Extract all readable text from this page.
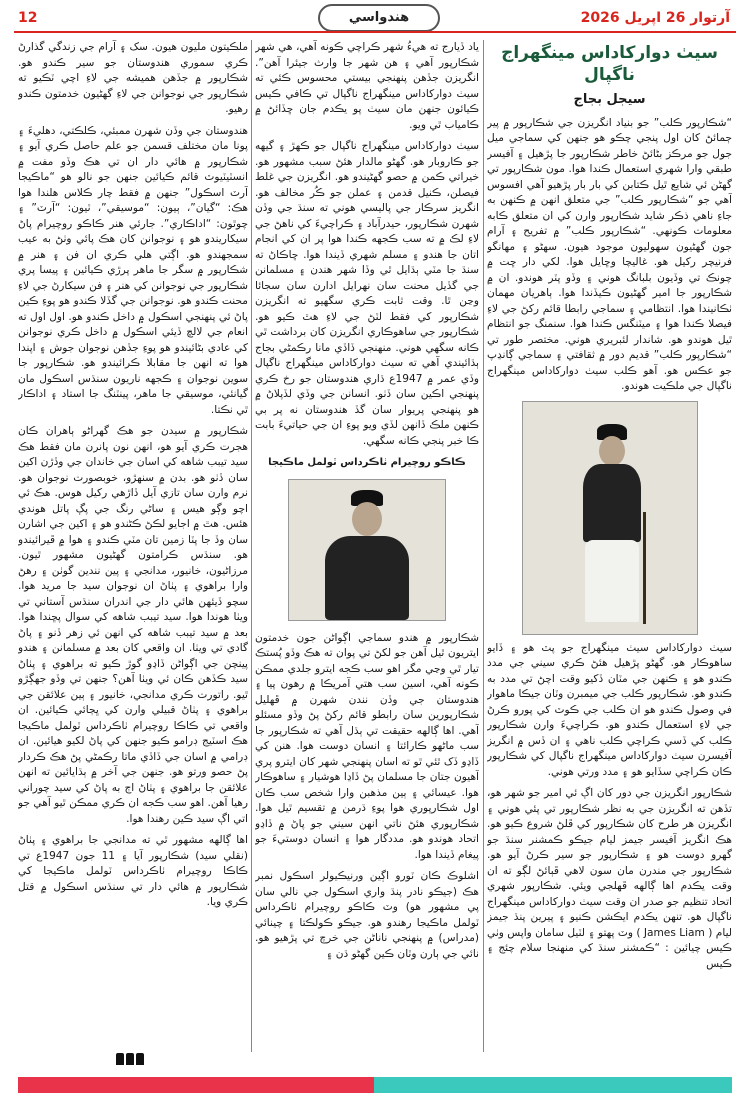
12	هندواسي	آرتوار 26 اپريل 2026
سيٺ دواركاداس مينگهراج ناگپال
سيجل بجاج

“شڪارپور ڪلب” جو بنياد انگريزن جي شڪارپور ۾ پير ڄمائڻ کان اول پنجي چڪو هو جنهن کي سماجي ميل جول جو مرڪز بڻائڻ خاطر شڪارپور جا پڙهيل ۽ آفيسر طبقي وارا شهري استعمال ڪندا هوا. مون شڪارپور تي گهڻن ئي شايع ٿيل ڪتابن کي بار بار پڙهيو آهي افسوس آهي جو “شڪارپور ڪلب” جي متعلق انهن ۾ ڪنهن به جاءِ ناهي ذڪر شايد شڪارپور وارن کي ان متعلق ڪابه معلومات ڪونهي. “شڪارپور ڪلب” ۾ تفريح ۽ آرام جون گهڻيون سهوليون موجود هيون. سهڻو ۽ مهانگو فرنيچر رکيل هو. غاليچا وڇايل هوا. لکي دار ڇت ۾ چونڪ تي وڏيون بلبانگ هوني ۽ وڏو پٽر هوندو. ان ۾ شڪارپور جا امير گهڻيون ڪيڏندا هوا. ٻاهريان مهمان ٺڪانيندا هوا. انتظامي ۽ سماجي رابطا قائم رکڻ جي لاءِ فيصلا ڪندا هوا ۽ ميٽنگس ڪندا هوا. سنمنگ جو انتظام ٿيل هوندو هو. شاندار لئبريري هوني. مختصر طور تي “شڪارپور ڪلب” قديم دور ۾ ثقافتي ۽ سماجي ڳانڍپ جو عڪس هو. آهو ڪلب سيٺ دواركاداس مينگهراج ناگپال جي ملڪيت هوندو.

سيٺ دواركاداس سيٺ مينگهراج جو پٽ هو ۽ ڏايو ساهوڪار هو. گهڻو پڙهيل هئڻ ڪري سيني جي مدد ڪندو هو ۽ ڪنهن جي مٽان ڏکيو وقت اچڻ تي مدد به ڪندو هو. شڪارپور ڪلب جي ميمبرن وٽان جيڪا ماهوار في وصول ڪندو هو ان ڪلب جي ڪوٽ کي پورو ڪرڻ جي لاءِ استعمال ڪندو هو. ڪراچيءَ وارن شڪارپور ڪلب کي ڏسي ڪراچي ڪلب ناهي ۽ ان ڏس ۾ انگريز آفيسرن سيٺ دواركاداس مينگهراج ناگپال کي شڪارپور ڪان ڪراچي سڏايو هو ۽ مدد ورتي هوني.

شڪارپور انگريزن جي دور کان اڳ ئي امير جو شهر هو، تڏهن ته انگريزن جي به نظر شڪارپور تي پئي هوني ۽ انگريزن هر طرح کان شڪارپور کي ڦلڻ شروع ڪيو هو. هڪ انگريز آفيسر جيمز ليام جيڪو ڪمشنر سنڌ جو گهرو دوست هو ۽ شڪارپور جو سير ڪرڻ آيو هو. شڪارپور جي مندرن مان سون لاهي ڦٻائڻ لڳو ته ان وقت يڪدم اها ڳالهه ڦهلجي ويئي. شڪارپور شهري اتحاد تنظيم جو صدر ان وقت سيٺ دواركاداس مينگهراج ناگپال هو. تنهن يڪدم ايڪشن ڪنيو ۽ پيرين پنڌ جيمز ليام ( James Liam ) وٽ پهتو ۽ لٽيل سامان واپس وٺي ڪيس چيائين : “ڪمشنر سنڌ کي منهنجا سلام چئج ۽ ڪيس

ياد ڏيارج ته هيءُ شهر ڪراچي ڪونه آهي، هي شهر شڪارپور آهي ۽ هن شهر جا وارث جيئرا آهن”. انگريزن جڏهن پنهنجي بيستي محسوس ڪئي ته سيٺ دواركاداس مينگهراج ناگپال تي ڪافي ڪيس ڪيائون جنهن مان سيٺ پو يڪدم جان ڇڏائڻ ۾ ڪامياب ٿي ويو.

سيٺ دواركاداس مينگهراج ناگپال جو ڪهڙ ۽ گيهه جو ڪاروبار هو. گهڻو مالدار هئڻ سبب مشهور هو. خيراتي ڪمن ۾ حصو گهڻيندو هو. انگريزن جي غلط فيصلن، ڪنيل قدمن ۽ عملن جو ڪُر مخالف هو. انگريز سرڪار جي پاليسي هوني ته سنڌ جي وڏن شهرن شڪارپور، حيدرآباد ۽ ڪراچيءَ کي ناهڻ جي لاءِ لڪ ۾ ته سب ڪجهه ڪندا هوا پر ان کي انجام اتان جا هندو ۽ مسلم شهري ڏيندا هوا. ڇاڪاڻ ته سنڌ جا مٽي ٻڌايل ٿي وڏا شهر هندن ۽ مسلمانن جي گڏيل محنت سان نهرايل ادارن سان سجائا وڃن ٿا. وقت ثابت ڪري سگهيو ته انگريزن شڪارپور کي فقط لٽڻ جي لاءِ هٿ ڪيو هو. شڪارپور جي ساهوڪاري انگريزن کان برداشت ٿي ڪانه سگهي هوني. منهنجي ڏاڏي مانا رڪمڻي بجاج ٻڌائيندي آهي ته سيٺ دواركاداس مينگهراج ناگپال وڏي عمر ۾ 1947ع ڌاري هندوستان جو رخ ڪري پنهنجي اڪين سان ڏٺو. انسانن جي وڏي لڏپلاڻ ۾ هو پنهنجي پريوار سان گڏ هندوستان نه پر بي ڪنهن ملڪ ڏانهن لڏي ويو پوءِ ان جي حياتيءَ بابت ڪا خبر پنجي ڪانه سگهي.

ڪاڪو روچيرام ٺاڪرداس ٽولمل ماڪيجا

شڪارپور ۾ هندو سماجي اڳواڻن جون خدمتون ايتريون ٿيل آهن جو لکڻ تي پوان ته هڪ وڏو پُستڪ تيار ٿي وڃي مگر اهو سب ڪجه ايترو جلدي ممڪن ڪونه آهي، اسين سب هتي آمريڪا ۾ رهون پيا ۽ هندوستان جي وڏن نندن شهرن ۾ ڦهليل شڪارپورين سان رابطو قائم رکڻ پڻ وڏو مسئلو آهي. اها ڳالهه حقيقت تي ٻڌل آهي ته شڪارپور جا سب ماڻهو ڪارائتا ۽ انسان دوست هوا. هنن کي ڏاڍو ڏک ٿئي ٿو ته اسان پنهنجي شهر کان ايترو پري آهيون جتان جا مسلمان پڻ ڏاڍا هوشيار ۽ ساهوڪار هوا. عيسائي ۽ ٻين مذهبن وارا شخص سب ڪان اول شڪارپوري هوا پوءِ ڌرمن ۾ تقسيم ٿيل هوا. شڪارپوري هئڻ ناتي انهن سيني جو پاڻ ۾ ڏاڍو اتحاد هوندو هو. مددگار هوا ۽ انسان دوستيءَ جو پيغام ڏيندا هوا.

اشلوڪ ڪان ٽورو اڳين ورنيڪيولر اسڪول نمبر هڪ (جيڪو نادر پنڌ واري اسڪول جي نالي سان پي مشهور هو) وٽ ڪاڪو روچيرام ٺاڪرداس ٽولمل ماڪيجا رهندو هو. جيڪو ڪولڪتا ۽ چينائي (مدراس) ۾ پنهنجي ناناڻن جي خرچ تي پڙهيو هو. نائي جي ٻارن وٽان ڪين گهڻو ڌن ۽

ملڪيتون مليون هيون. سک ۽ آرام جي زندگي گذارڻ ڪري سموري هندوستان جو سير ڪندو هو. شڪارپور ۾ جڏهن هميشه جي لاءِ اچي ٽڪيو ته شڪارپور جي نوجوانن جي لاءِ گهڻيون خدمتون ڪندو رهيو.

هندوستان جي وڏن شهرن ممبئي، ڪلڪتي، دهليءَ ۽ پونا مان مختلف قسمن جو علم حاصل ڪري آيو ۽ شڪارپور ۾ هائي دار ان تي هڪ وڏو مفت ۾ انسٽيٽيوٽ قائم ڪيائين جنهن جو نالو هو “ماڪيجا آرٽ اسڪول” جنهن ۾ فقط چار ڪلاس هلندا هوا هڪ: “گيان”، ٻيون: “موسيقي”، ٽيون: “آرٽ” ۽ چوٿون: “اداڪاري”. جارئي هنر ڪاڪو روچيرام پاڻ سيکاريندو هو ۽ نوجوانن کان هڪ پائي وٺڻ به عيب سمجهندو هو. اڳتي هلي ڪري ان فن ۽ هنر ۾ شڪارپور ۾ سگر جا ماهر پرڙي ڪيائين ۽ پيسا پري شڪارپور جي نوجوانن کي هنر ۽ فن سيکارڻ جي لاءِ محنت ڪندو هو. نوجوانن جي گڏلا ڪندو هو پوءِ ڪين پاڻ ئي پنهنجي اسڪول ۾ داخل ڪندو هو. اول اول ته انعام جي لالچ ڏيئي اسڪول ۾ داخل ڪري نوجوانن کي عادي بڻائيندو هو پوءِ جڏهن نوجوان جوش ۽ اپندا هوا ته انهن جا مقابلا ڪرائيندو هو. شڪارپور جا سوين نوجوان ۽ ڪجهه ناريون سنڌس اسڪول مان گيانئي، موسيقي جا ماهر، پينٽنگ جا استاد ۽ اداڪار ٿي نڪتا.

شڪارپور ۾ سيدن جو هڪ گهراڻو ٻاهران ڪان هجرت ڪري آيو هو، انهن نون پانرن مان فقط هڪ سيد تيبب شاهه کي اسان جي خاندان جي وڏڙن اکين سان ڏٺو هو. بدن ۾ سنهڙو، خوبصورت نوجوان هو. نرم وارن سان تازي آيل ڏاڙهي رکيل هوس. هڪ ئي اچو وڳو هيس ۽ ساڻي رنگ جي پڳ پاتل هوندي هئس. هٿ ۾ اجايو لڪڻ ڪڻندو هو ۽ اکين جي اشارن سان وڏ جا پٽا زمين تان مٽي ڪندو ۽ هوا ۾ ڦيرائيندو هو. سنڌس ڪرامتون گهڻيون مشهور ٿيون. مرزاڻيون، خانيور، مدانجي ۽ پين نندين گوٺن ۽ رهڻ وارا براهوي ۽ پٺاڻ ان نوجوان سيد جا مريد هوا. سچو ڏيئهن هائي دار جي اندران سنڌس آستاني تي ويٺا هوندا هوا. سيد تيبب شاهه کي سوال پڇندا هوا. بعد ۾ سيد تيبب شاهه کي انهن ئي زهر ڏنو ۽ پاڻ گادي تي ويٺا. ان واقعي کان بعد ۾ مسلمانن ۽ هندو پينچن جي اڳواڻن ڏاڍو گوڙ ڪيو ته براهوي ۽ پٺاڻ سيد ڪڏهن ڪان ئي ويٺا آهن؟ جنهن تي وڏو جهڳڙو ٿيو. راتورت ڪري مدانجي، خانيور ۽ ٻين علائقن جي براهوي ۽ پٺاڻ قبيلي وارن کي ڀڄائي ڪيائين. ان واقعي تي ڪاڪا روچيرام ٺاڪرداس ٽولمل ماڪيجا هڪ اسٽيج ڊرامو ڪيو جنهن کي پاڻ لکيو هيائين. ان ڊرامي ۾ اسان جي ڏاڏي ماتا رڪمڻي پڻ هڪ ڪردار پڻ حصو ورتو هو. جنهن جي آخر ۾ ٻڌايائين ته انهن علائقن جا براهوي ۽ پٺاڻ اڄ به پاڻ کي سيد چوراني رهيا آهن. اهو سب ڪجه ان ڪري ممڪن ٿيو آهي جو اتي اڳ سيد ڪين رهندا هوا.

اها ڳالهه مشهور ٿي ته مدانجي جا براهوي ۽ پٺاڻ (نقلي سيد) شڪارپور آيا ۽ 11 جون 1947ع تي ڪاڪا روچيرام ٺاڪرداس ٽولمل ماڪيجا کي شڪارپور ۾ هائي دار تي سنڌس اسڪول ۾ قتل ڪري ويا.
